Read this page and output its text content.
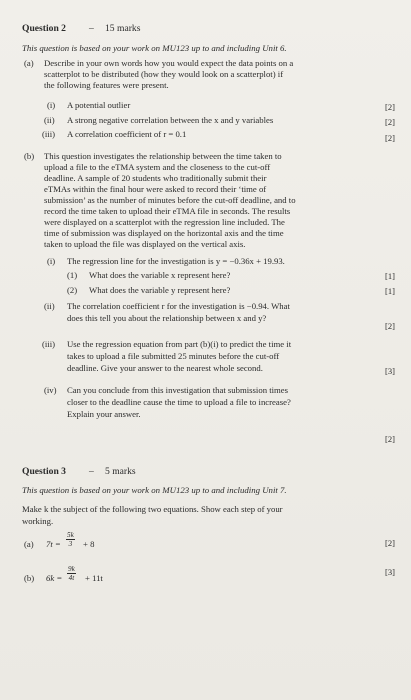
Question 2 – 15 marks
This question is based on your work on MU123 up to and including Unit 6.
(a) Describe in your own words how you would expect the data points on a
scatterplot to be distributed (how they would look on a scatterplot) if
the following features were present.
(i) A potential outlier	[2]
(ii) A strong negative correlation between the x and y variables	[2]
(iii) A correlation coefficient of r = 0.1	[2]
(b) This question investigates the relationship between the time taken to
upload a file to the eTMA system and the closeness to the cut-off
deadline. A sample of 20 students who traditionally submit their
eTMAs within the final hour were asked to record their ‘time of
submission’ as the number of minutes before the cut-off deadline, and to
record the time taken to upload their eTMA file in seconds. The results
were displayed on a scatterplot with the regression line included. The
time of submission was displayed on the horizontal axis and the time
taken to upload the file was displayed on the vertical axis.
(i) The regression line for the investigation is y = −0.36x + 19.93.
(1) What does the variable x represent here?	[1]
(2) What does the variable y represent here?	[1]
(ii) The correlation coefficient r for the investigation is −0.94. What
does this tell you about the relationship between x and y?
[2]
(iii) Use the regression equation from part (b)(i) to predict the time it
takes to upload a file submitted 25 minutes before the cut-off
deadline. Give your answer to the nearest whole second.	[3]
(iv) Can you conclude from this investigation that submission times
closer to the deadline cause the time to upload a file to increase?
Explain your answer.
[2]
Question 3 – 5 marks
This question is based on your work on MU123 up to and including Unit 7.
Make k the subject of the following two equations. Show each step of your
working.
(a) $7t = \frac{5k}{3} + 8$	[2]
(b) $6k = \frac{9k}{4t} + 11t$
[3]
